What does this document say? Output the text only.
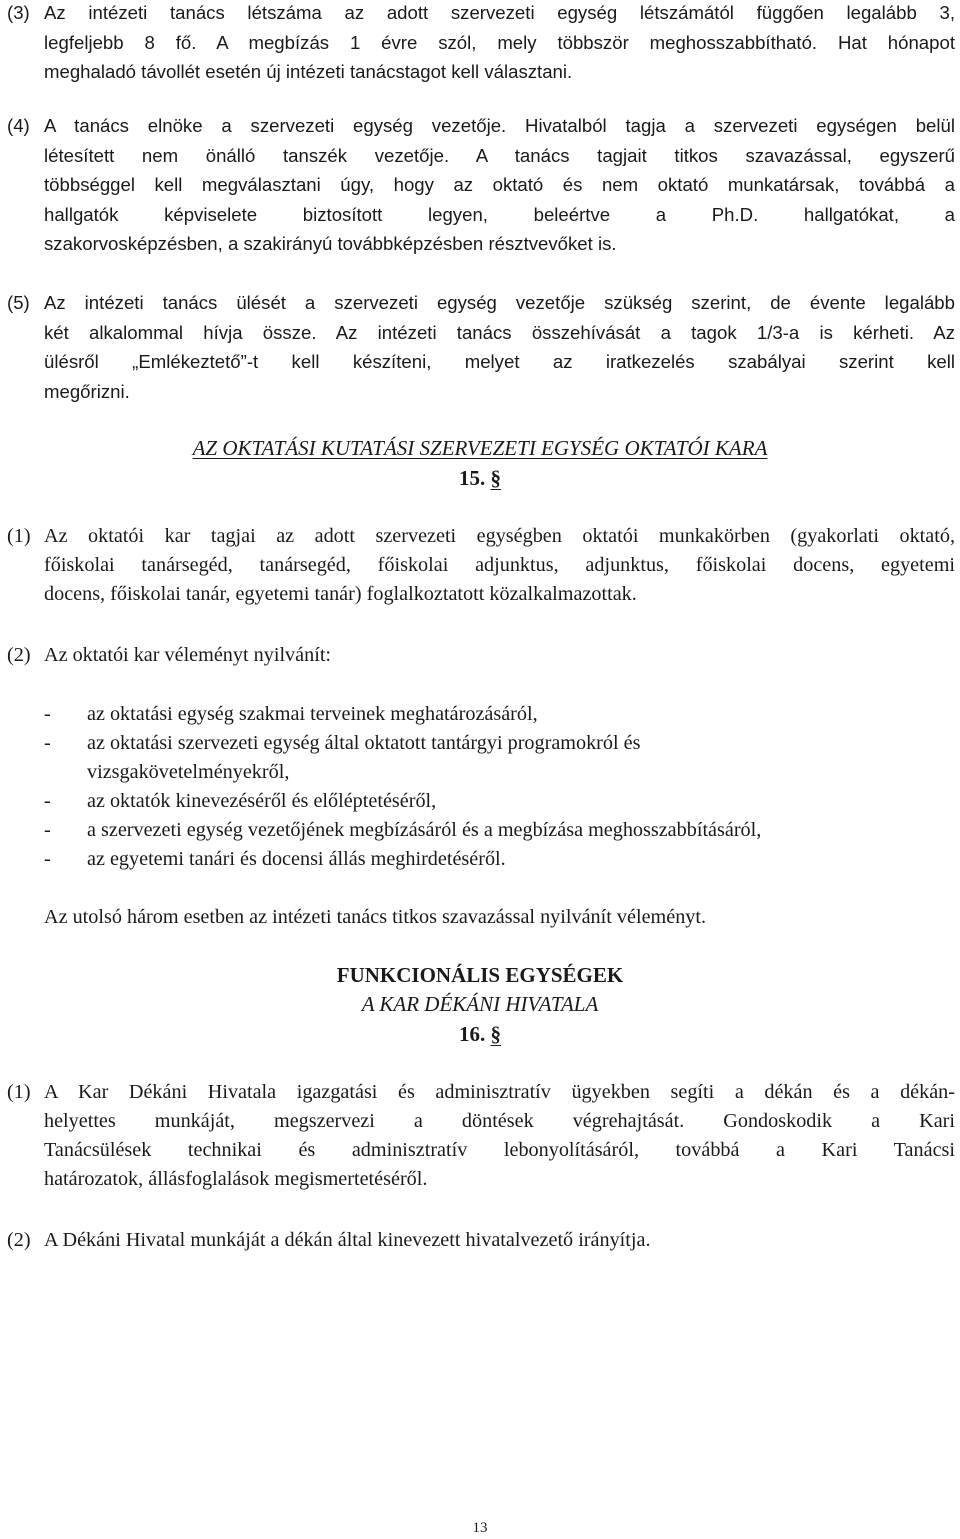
(3) Az intézeti tanács létszáma az adott szervezeti egység létszámától függően legalább 3,
legfeljebb 8 fő. A megbízás 1 évre szól, mely többször meghosszabbítható. Hat hónapot
meghaladó távollét esetén új intézeti tanácstagot kell választani.
(4) A tanács elnöke a szervezeti egység vezetője. Hivatalból tagja a szervezeti egységen belül
létesített nem önálló tanszék vezetője. A tanács tagjait titkos szavazással, egyszerű
többséggel kell megválasztani úgy, hogy az oktató és nem oktató munkatársak, továbbá a
hallgatók képviselete biztosított legyen, beleértve a Ph.D. hallgatókat, a
szakorvosképzésben, a szakirányú továbbképzésben résztvevőket is.
(5) Az intézeti tanács ülését a szervezeti egység vezetője szükség szerint, de évente legalább
két alkalommal hívja össze. Az intézeti tanács összehívását a tagok 1/3-a is kérheti. Az
ülésről „Emlékeztető”-t kell készíteni, melyet az iratkezelés szabályai szerint kell
megőrizni.
AZ OKTATÁSI KUTATÁSI SZERVEZETI EGYSÉG OKTATÓI KARA
15. §
(1) Az oktatói kar tagjai az adott szervezeti egységben oktatói munkakörben (gyakorlati oktató,
főiskolai tanársegéd, tanársegéd, főiskolai adjunktus, adjunktus, főiskolai docens, egyetemi
docens, főiskolai tanár, egyetemi tanár) foglalkoztatott közalkalmazottak.
(2) Az oktatói kar véleményt nyilvánít:
- az oktatási egység szakmai terveinek meghatározásáról,
- az oktatási szervezeti egység által oktatott tantárgyi programokról és
vizsgakövetelményekről,
- az oktatók kinevezéséről és előléptetéséről,
- a szervezeti egység vezetőjének megbízásáról és a megbízása meghosszabbításáról,
- az egyetemi tanári és docensi állás meghirdetéséről.
Az utolsó három esetben az intézeti tanács titkos szavazással nyilvánít véleményt.
FUNKCIONÁLIS EGYSÉGEK
A KAR DÉKÁNI HIVATALA
16. §
(1) A Kar Dékáni Hivatala igazgatási és adminisztratív ügyekben segíti a dékán és a dékán-
helyettes munkáját, megszervezi a döntések végrehajtását. Gondoskodik a Kari
Tanácsülések technikai és adminisztratív lebonyolításáról, továbbá a Kari Tanácsi
határozatok, állásfoglalások megismertetéséről.
(2) A Dékáni Hivatal munkáját a dékán által kinevezett hivatalvezető irányítja.
13
